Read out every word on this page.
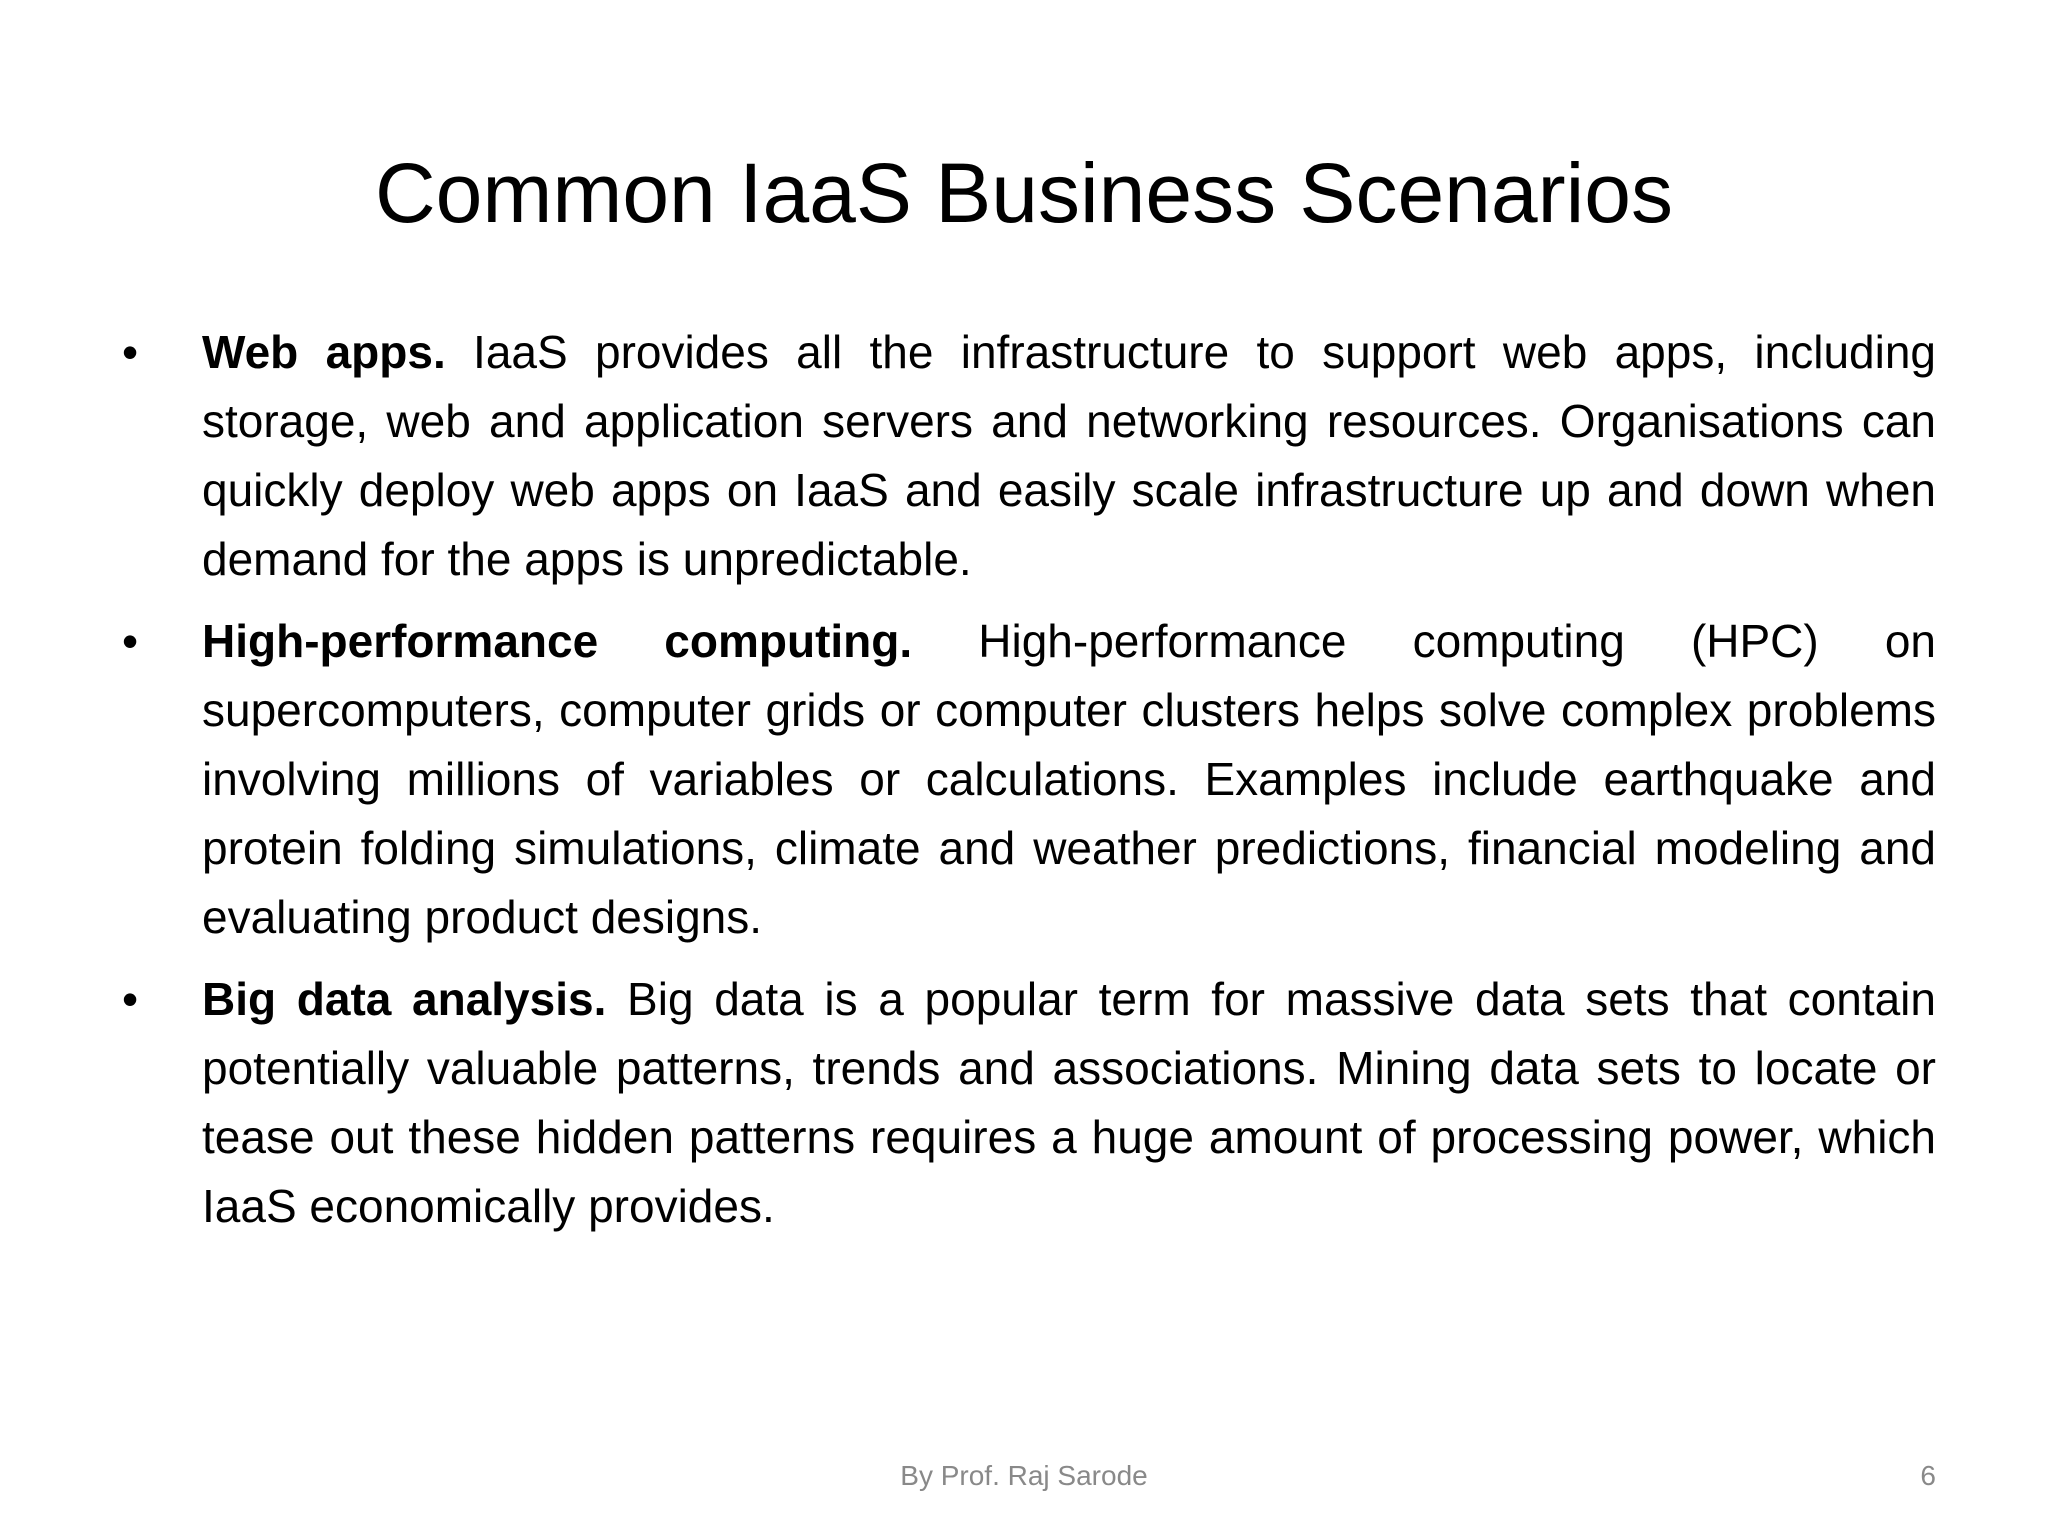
Common IaaS Business Scenarios
• Web apps. IaaS provides all the infrastructure to support web apps, including storage, web and application servers and networking resources. Organisations can quickly deploy web apps on IaaS and easily scale infrastructure up and down when demand for the apps is unpredictable.
• High-performance computing. High-performance computing (HPC) on supercomputers, computer grids or computer clusters helps solve complex problems involving millions of variables or calculations. Examples include earthquake and protein folding simulations, climate and weather predictions, financial modeling and evaluating product designs.
• Big data analysis. Big data is a popular term for massive data sets that contain potentially valuable patterns, trends and associations. Mining data sets to locate or tease out these hidden patterns requires a huge amount of processing power, which IaaS economically provides.
By Prof. Raj Sarode	6
